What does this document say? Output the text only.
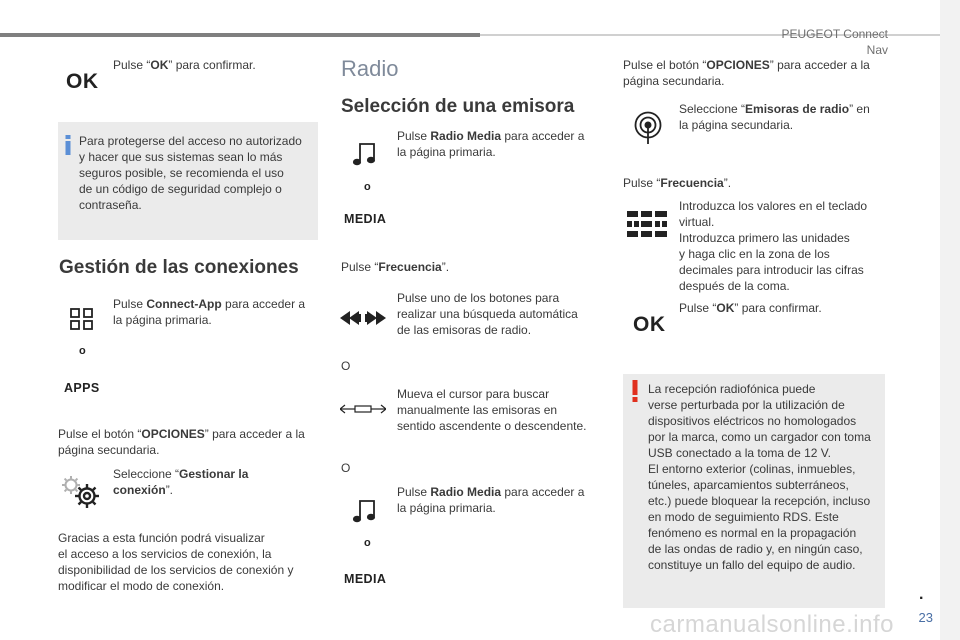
PEUGEOT Connect Nav
.
23
OK
Pulse “OK” para confirmar.
Para protegerse del acceso no autorizado
y hacer que sus sistemas sean lo más
seguros posible, se recomienda el uso
de un código de seguridad complejo o
contraseña.
Gestión de las conexiones
o
APPS
Pulse Connect-App para acceder a
la página primaria.
Pulse el botón “OPCIONES” para acceder a la
página secundaria.
Seleccione “Gestionar la
conexión”.
Gracias a esta función podrá visualizar
el acceso a los servicios de conexión, la
disponibilidad de los servicios de conexión y
modificar el modo de conexión.
Radio
Selección de una emisora
o
MEDIA
Pulse Radio Media para acceder a
la página primaria.
Pulse “Frecuencia”.
Pulse uno de los botones para
realizar una búsqueda automática
de las emisoras de radio.
O
Mueva el cursor para buscar
manualmente las emisoras en
sentido ascendente o descendente.
O
o
MEDIA
Pulse Radio Media para acceder a
la página primaria.
Pulse el botón “OPCIONES” para acceder a la
página secundaria.
Seleccione “Emisoras de radio” en
la página secundaria.
Pulse “Frecuencia”.
Introduzca los valores en el teclado
virtual.
Introduzca primero las unidades
y haga clic en la zona de los
decimales para introducir las cifras
después de la coma.
OK
Pulse “OK” para confirmar.
La recepción radiofónica puede
verse perturbada por la utilización de
dispositivos eléctricos no homologados
por la marca, como un cargador con toma
USB conectado a la toma de 12 V.
El entorno exterior (colinas, inmuebles,
túneles, aparcamientos subterráneos,
etc.) puede bloquear la recepción, incluso
en modo de seguimiento RDS. Este
fenómeno es normal en la propagación
de las ondas de radio y, en ningún caso,
constituye un fallo del equipo de audio.
carmanualsonline.info
